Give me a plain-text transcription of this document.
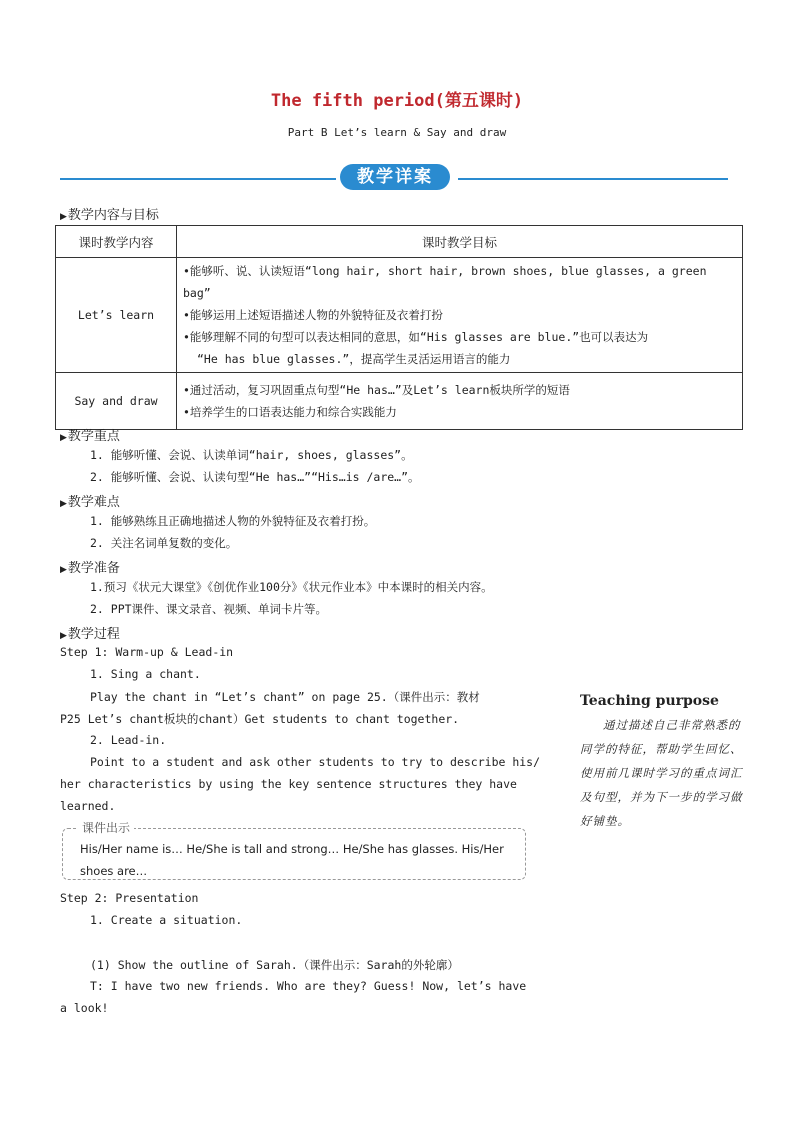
The fifth period(第五课时)
Part B Let’s learn & Say and draw
教学详案
▶教学内容与目标
课时教学内容	课时教学目标
Let’s learn	•能够听、说、认读短语“long hair, short hair, brown shoes, blue glasses, a green
bag”
•能够运用上述短语描述人物的外貌特征及衣着打扮
•能够理解不同的句型可以表达相同的意思，如“His glasses are blue.”也可以表达为
“He has blue glasses.”，提高学生灵活运用语言的能力

Say and draw	•通过活动，复习巩固重点句型“He has…”及Let’s learn板块所学的短语
•培养学生的口语表达能力和综合实践能力
▶教学重点
1. 能够听懂、会说、认读单词“hair, shoes, glasses”。
2. 能够听懂、会说、认读句型“He has…”“His…is /are…”。
▶教学难点
1. 能够熟练且正确地描述人物的外貌特征及衣着打扮。
2. 关注名词单复数的变化。
▶教学准备
1.预习《状元大课堂》《创优作业100分》《状元作业本》中本课时的相关内容。
2. PPT课件、课文录音、视频、单词卡片等。
▶教学过程
Step 1: Warm-up & Lead-in
1. Sing a chant.
Play the chant in “Let’s chant” on page 25.（课件出示：教材
P25 Let’s chant板块的chant）Get students to chant together.
2. Lead-in.
Point to a student and ask other students to try to describe his/
her characteristics by using the key sentence structures they have
learned.
课件出示
His/Her name is… He/She is tall and strong… He/She has glasses. His/Her shoes are…
Step 2: Presentation
1. Create a situation.
(1) Show the outline of Sarah.（课件出示：Sarah的外轮廓）
T: I have two new friends. Who are they? Guess! Now, let’s have
a look!
Teaching purpose
通过描述自己非常熟悉的同学的特征，帮助学生回忆、使用前几课时学习的重点词汇及句型，并为下一步的学习做好铺垫。
